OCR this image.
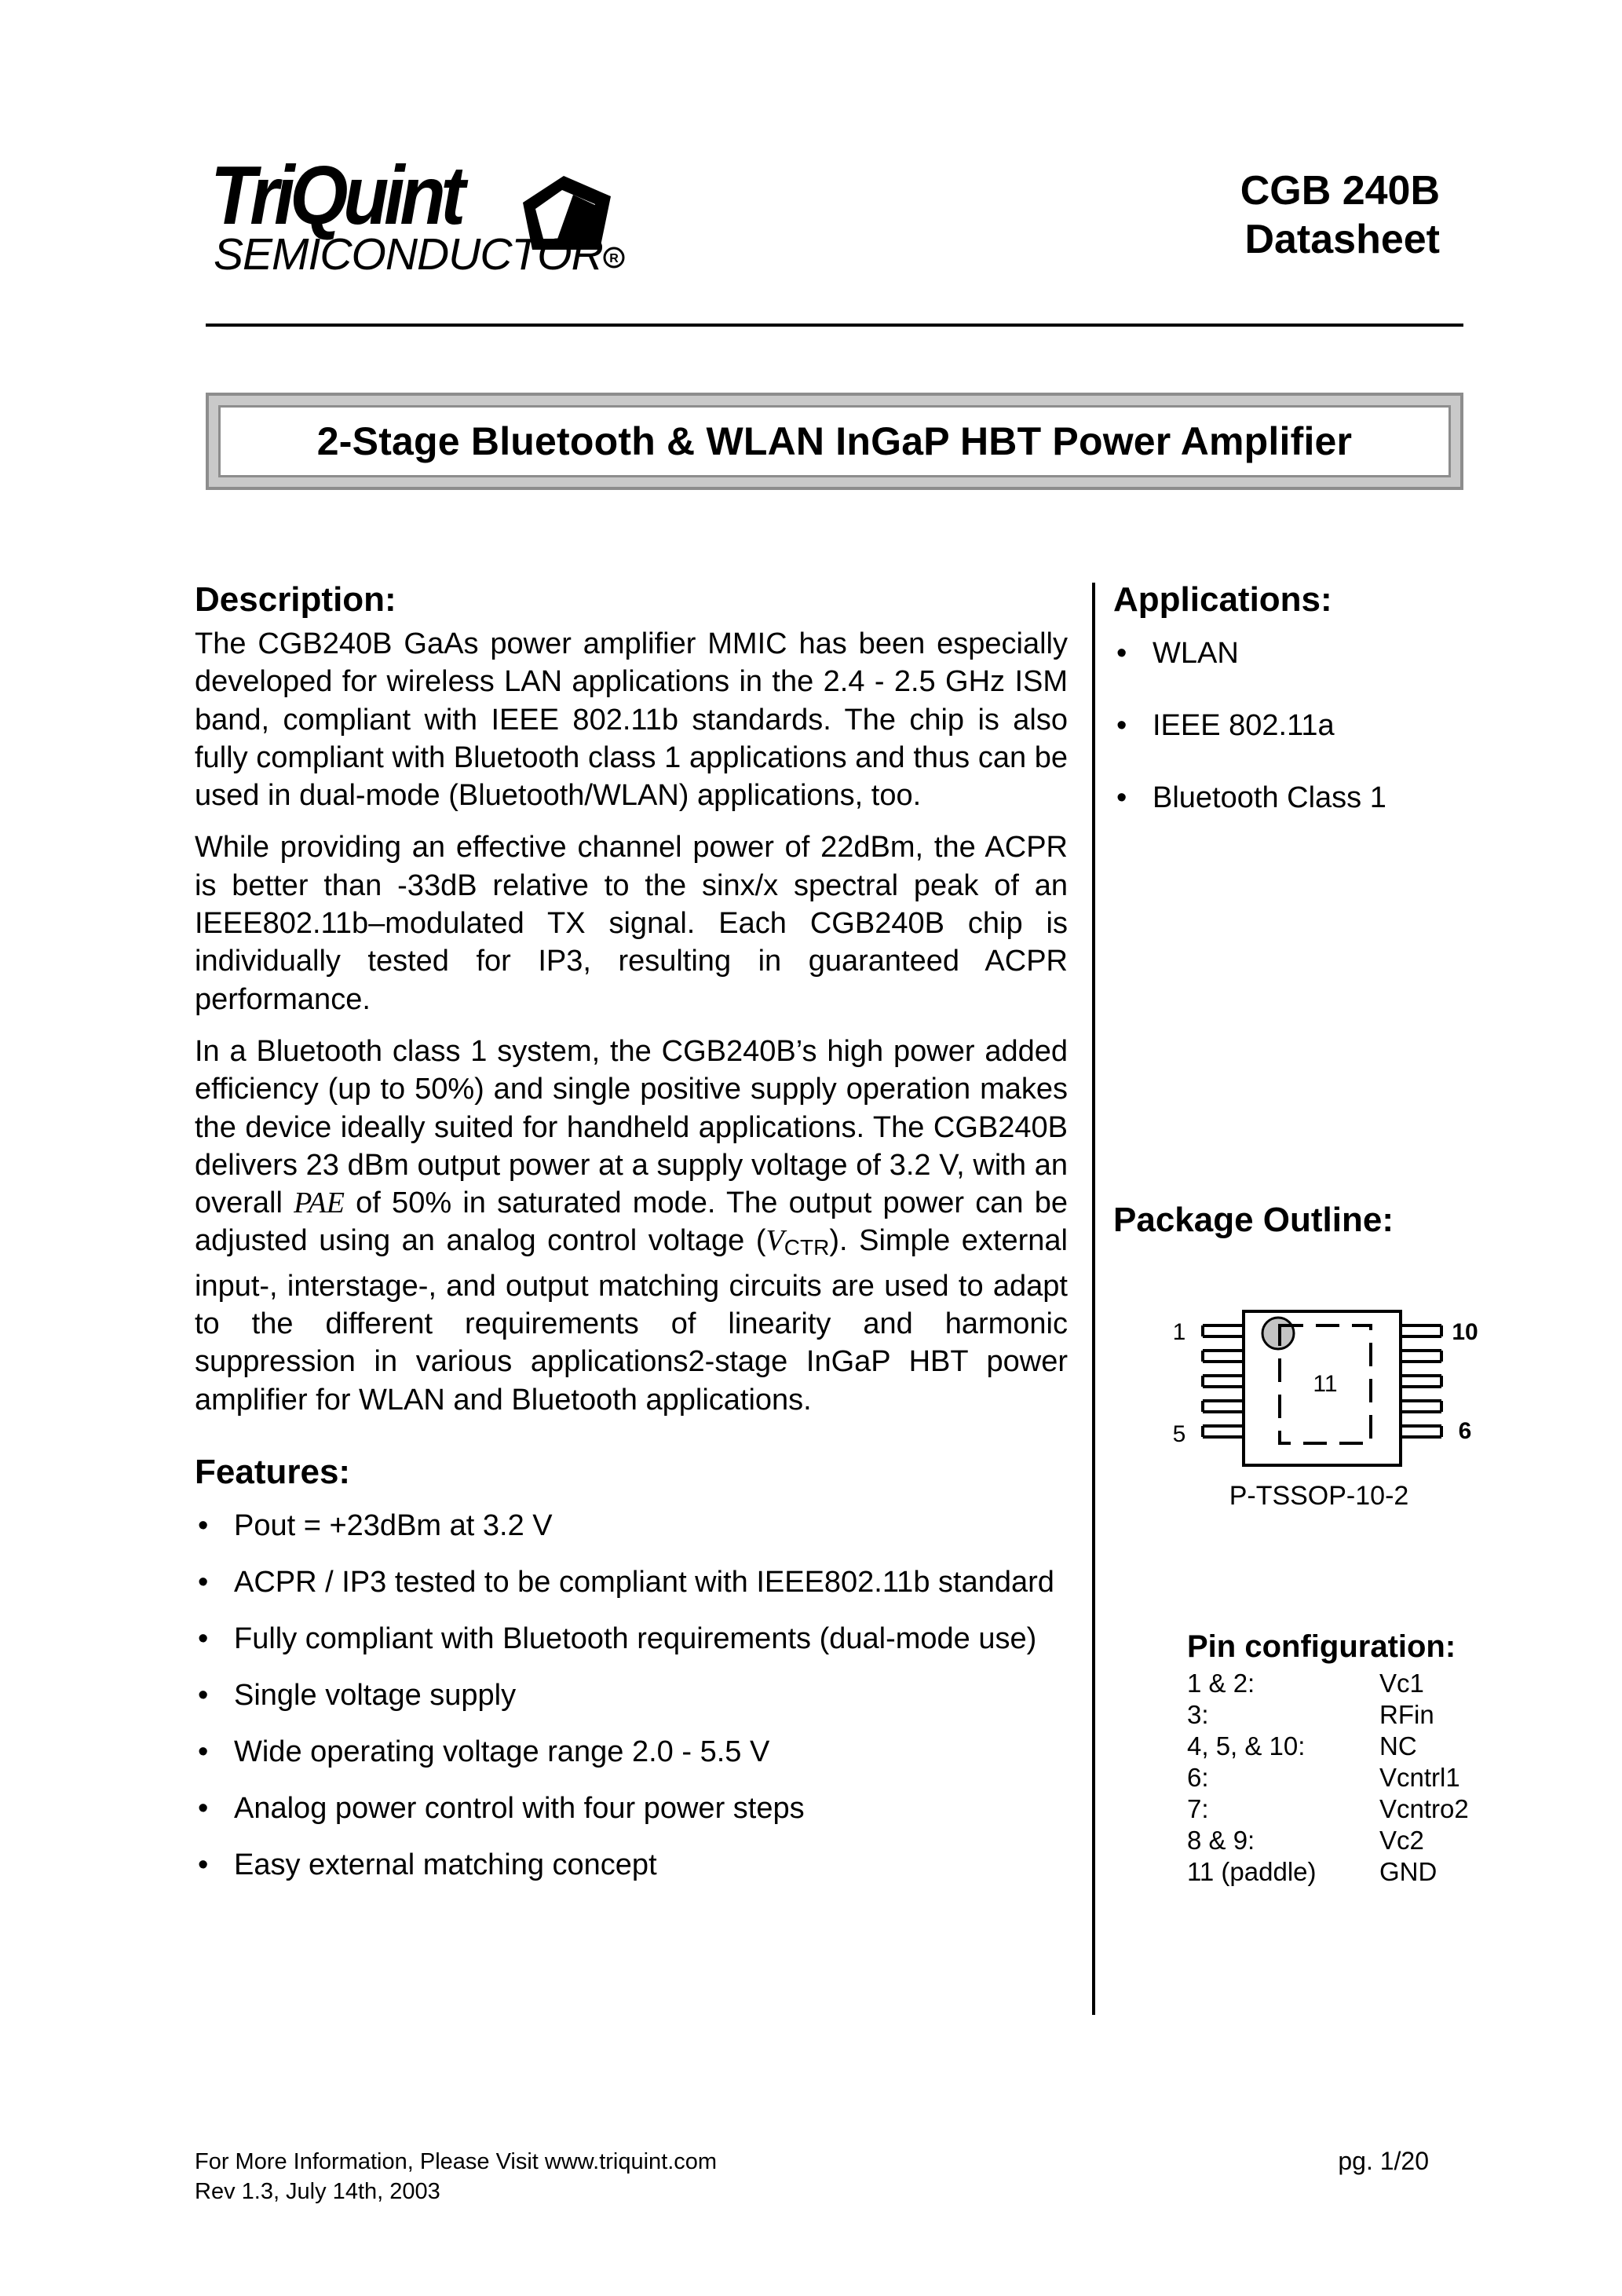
TriQuint
R
SEMICONDUCTOR
CGB 240B
Datasheet
2-Stage Bluetooth & WLAN InGaP HBT Power Amplifier
Description:

The CGB240B GaAs power amplifier MMIC has been especially developed for wireless LAN applications in the 2.4 - 2.5 GHz ISM band, compliant with IEEE 802.11b standards. The chip is also fully compliant with Bluetooth class 1 applications and thus can be used in dual-mode (Bluetooth/WLAN) applications, too.

While providing an effective channel power of 22dBm, the ACPR is better than -33dB relative to the sinx/x spectral peak of an IEEE802.11b–modulated TX signal. Each CGB240B chip is individually tested for IP3, resulting in guaranteed ACPR performance.

In a Bluetooth class 1 system, the CGB240B’s high power added efficiency (up to 50%) and single positive supply operation makes the device ideally suited for handheld applications. The CGB240B delivers 23 dBm output power at a supply voltage of 3.2 V, with an overall PAE of 50% in saturated mode. The output power can be adjusted using an analog control voltage $(V_{CTR})$. Simple external input-, interstage-, and output matching circuits are used to adapt to the different requirements of linearity and harmonic suppression in various applications2-stage InGaP HBT power amplifier for WLAN and Bluetooth applications.

Features:
• Pout = +23dBm at 3.2 V
• ACPR / IP3 tested to be compliant with IEEE802.11b standard
• Fully compliant with Bluetooth requirements (dual-mode use)
• Single voltage supply
• Wide operating voltage range 2.0 - 5.5 V
• Analog power control with four power steps
• Easy external matching concept
Applications:
• WLAN
• IEEE 802.11a
• Bluetooth Class 1
Package Outline:
11
1
5
10
6
P-TSSOP-10-2
Pin configuration:
1 & 2:	Vc1
3:	RFin
4, 5, & 10:	NC
6:	Vcntrl1
7:	Vcntro2
8 & 9:	Vc2
11 (paddle)	GND
For More Information, Please Visit www.triquint.com
Rev 1.3, July 14th, 2003
pg. 1/20
